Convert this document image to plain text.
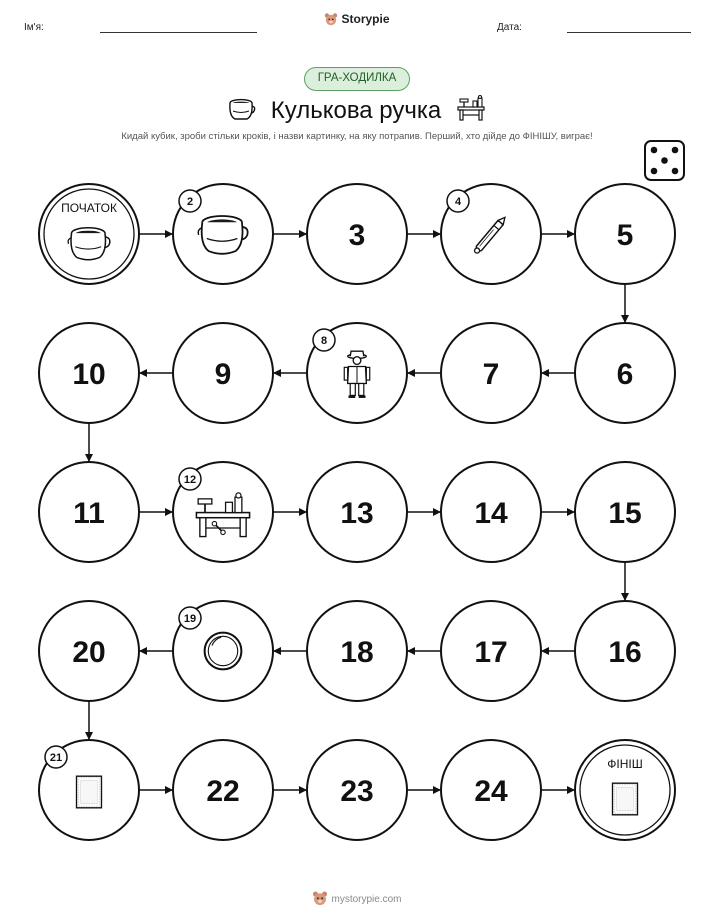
Ім'я:
Storypie
Дата:
ГРА-ХОДИЛКА
Кулькова ручка
Кидай кубик, зроби стільки кроків, і назви картинку, на яку потрапив. Перший, хто дійде до ФІНІШУ, виграє!
ПОЧАТОК	2
3
4
5
6
7
8
9
10
11
12
13	14	15
16
17
18
19
20
21
22	23	24
ФІНІШ
mystorypie.com
